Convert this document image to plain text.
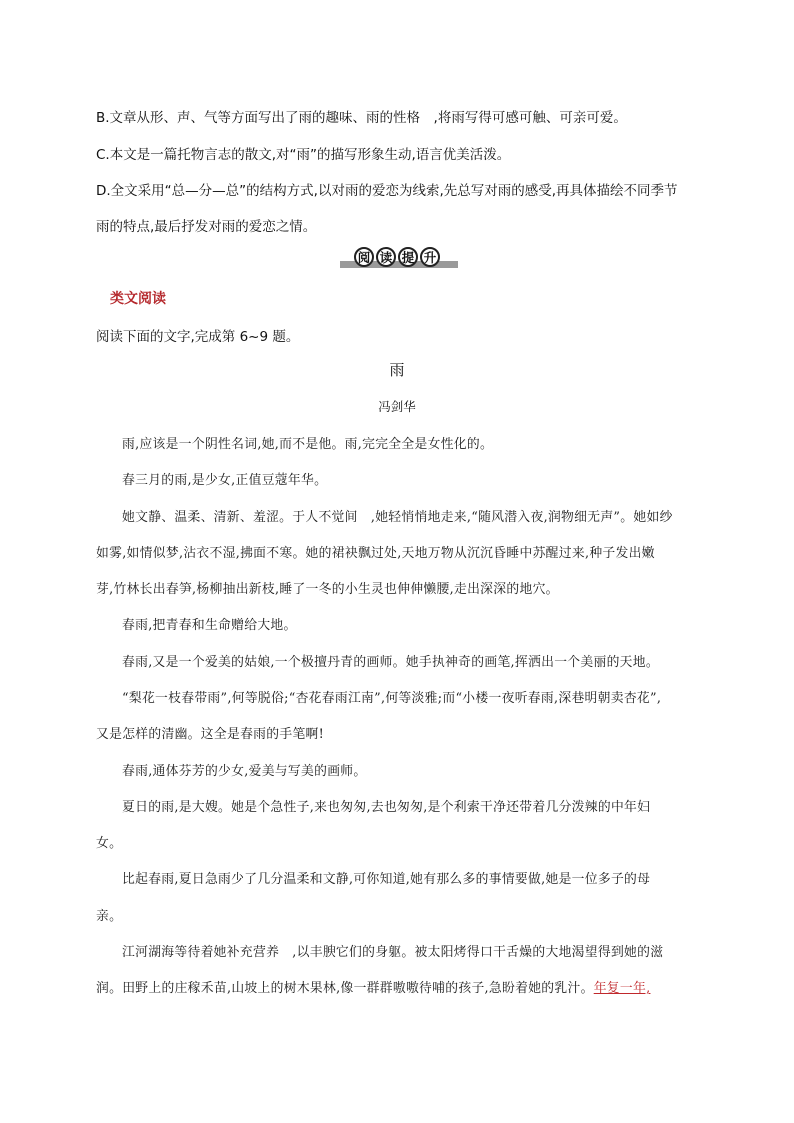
B.文章从形、声、气等方面写出了雨的趣味、雨的性格　,将雨写得可感可触、可亲可爱。
C.本文是一篇托物言志的散文,对“雨”的描写形象生动,语言优美活泼。
D.全文采用“总—分—总”的结构方式,以对雨的爱恋为线索,先总写对雨的感受,再具体描绘不同季节
雨的特点,最后抒发对雨的爱恋之情。
阅 读 提 升
类文阅读
阅读下面的文字,完成第 6~9 题。
雨
冯剑华
雨,应该是一个阴性名词,她,而不是他。雨,完完全全是女性化的。
春三月的雨,是少女,正值豆蔻年华。
她文静、温柔、清新、羞涩。于人不觉间　,她轻悄悄地走来,“随风潜入夜,润物细无声”。她如纱
如雾,如情似梦,沾衣不湿,拂面不寒。她的裙袂飘过处,天地万物从沉沉昏睡中苏醒过来,种子发出嫩
芽,竹林长出春笋,杨柳抽出新枝,睡了一冬的小生灵也伸伸懒腰,走出深深的地穴。
春雨,把青春和生命赠给大地。
春雨,又是一个爱美的姑娘,一个极擅丹青的画师。她手执神奇的画笔,挥洒出一个美丽的天地。
“梨花一枝春带雨”,何等脱俗;“杏花春雨江南”,何等淡雅;而“小楼一夜听春雨,深巷明朝卖杏花”,
又是怎样的清幽。这全是春雨的手笔啊!
春雨,通体芬芳的少女,爱美与写美的画师。
夏日的雨,是大嫂。她是个急性子,来也匆匆,去也匆匆,是个利索干净还带着几分泼辣的中年妇
女。
比起春雨,夏日急雨少了几分温柔和文静,可你知道,她有那么多的事情要做,她是一位多子的母
亲。
江河湖海等待着她补充营养　,以丰腴它们的身躯。被太阳烤得口干舌燥的大地渴望得到她的滋
润。田野上的庄稼禾苗,山坡上的树木果林,像一群群嗷嗷待哺的孩子,急盼着她的乳汁。年复一年,
